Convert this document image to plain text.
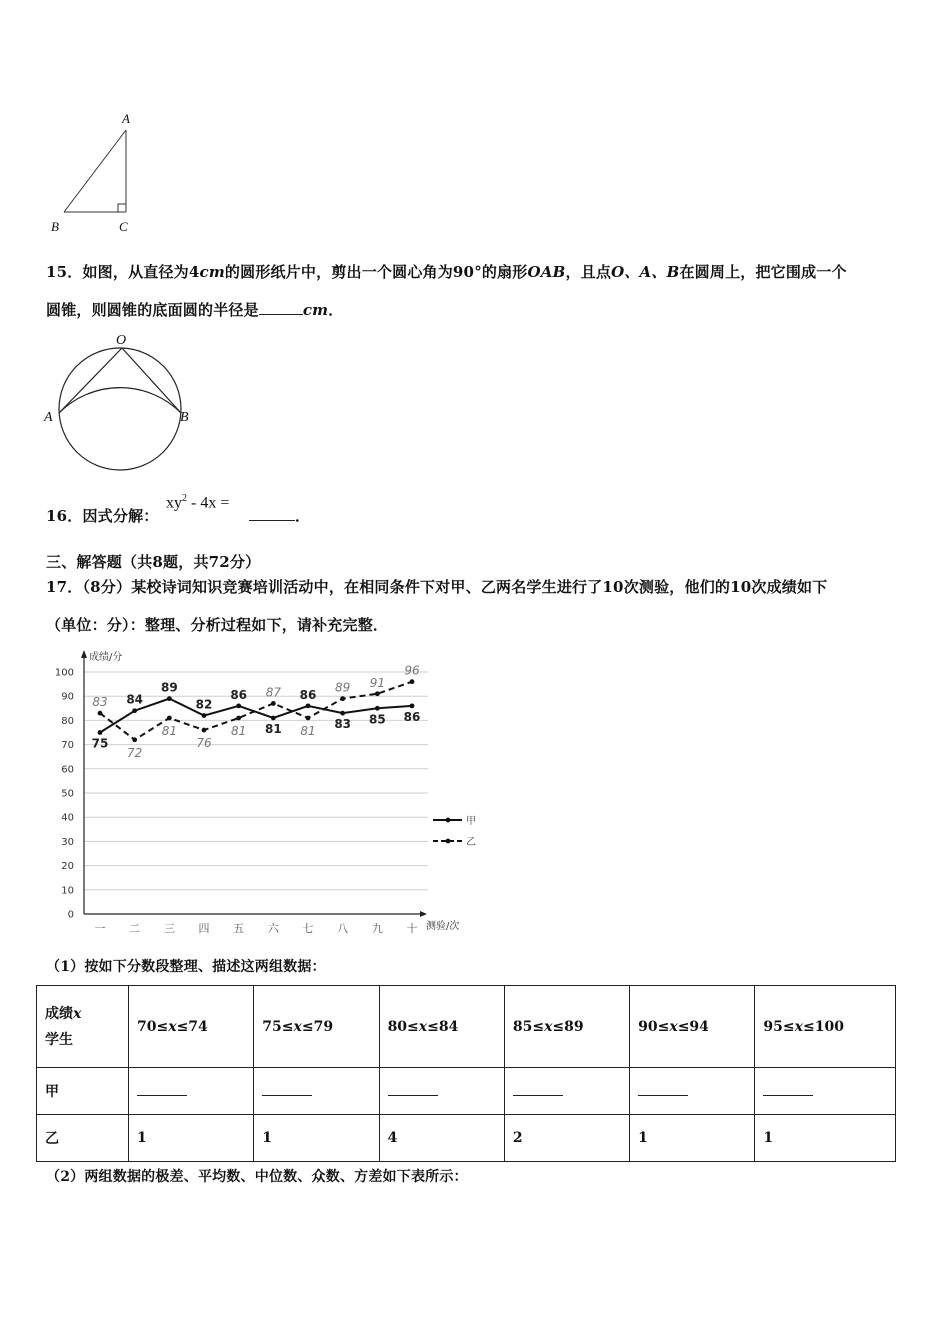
A
B	C
15．如图，从直径为4cm的圆形纸片中，剪出一个圆心角为90°的扇形OAB，且点O、A、B在圆周上，把它围成一个
圆锥，则圆锥的底面圆的半径是	cm．
O
A	B
16．因式分解：
$xy^2 - 4x$ =
．
三、解答题（共8题，共72分）
17．（8分）某校诗词知识竞赛培训活动中，在相同条件下对甲、乙两名学生进行了10次测验，他们的10次成绩如下
（单位：分）：整理、分析过程如下，请补充完整．
0
10
20
30
40
50
60
70
80
90
100
成绩/分
测验/次
一 二 三 四 五 六 七 八 九 十
75
84
89
82
86
81
86
83 85 86
83
72
81
76
81
87
81
89 91
96
甲
乙
（1）按如下分数段整理、描述这两组数据：
成绩x
学生	70≤x≤74	75≤x≤79	80≤x≤84	85≤x≤89	90≤x≤94	95≤x≤100
甲						
乙	1	1	4	2	1	1
（2）两组数据的极差、平均数、中位数、众数、方差如下表所示：
